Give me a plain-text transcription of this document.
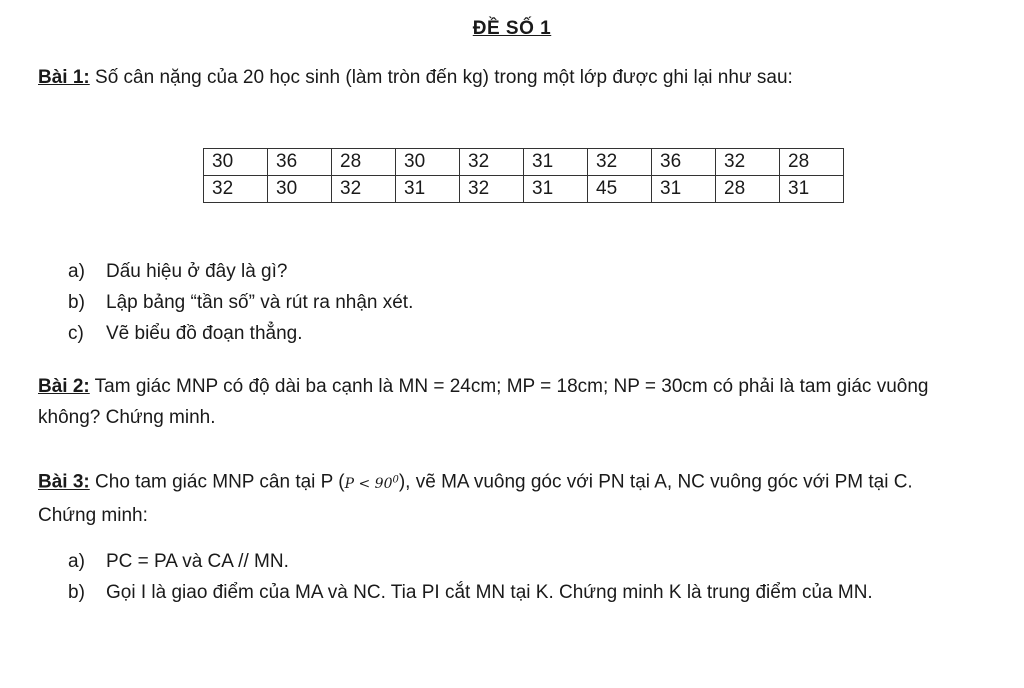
ĐỀ SỐ 1
Bài 1: Số cân nặng của 20 học sinh (làm tròn đến kg) trong một lớp được ghi lại như sau:
30	36	28	30	32	31	32	36	32	28
32	30	32	31	32	31	45	31	28	31
a) Dấu hiệu ở đây là gì?
b) Lập bảng “tần số” và rút ra nhận xét.
c) Vẽ biểu đồ đoạn thẳng.
Bài 2: Tam giác MNP có độ dài ba cạnh là MN = 24cm; MP = 18cm; NP = 30cm có phải là tam giác vuông không? Chứng minh.
Bài 3: Cho tam giác MNP cân tại P $(P < 90^0)$, vẽ MA vuông góc với PN tại A, NC vuông góc với PM tại C. Chứng minh:
a) PC = PA và CA // MN.
b) Gọi I là giao điểm của MA và NC. Tia PI cắt MN tại K. Chứng minh K là trung điểm của MN.
